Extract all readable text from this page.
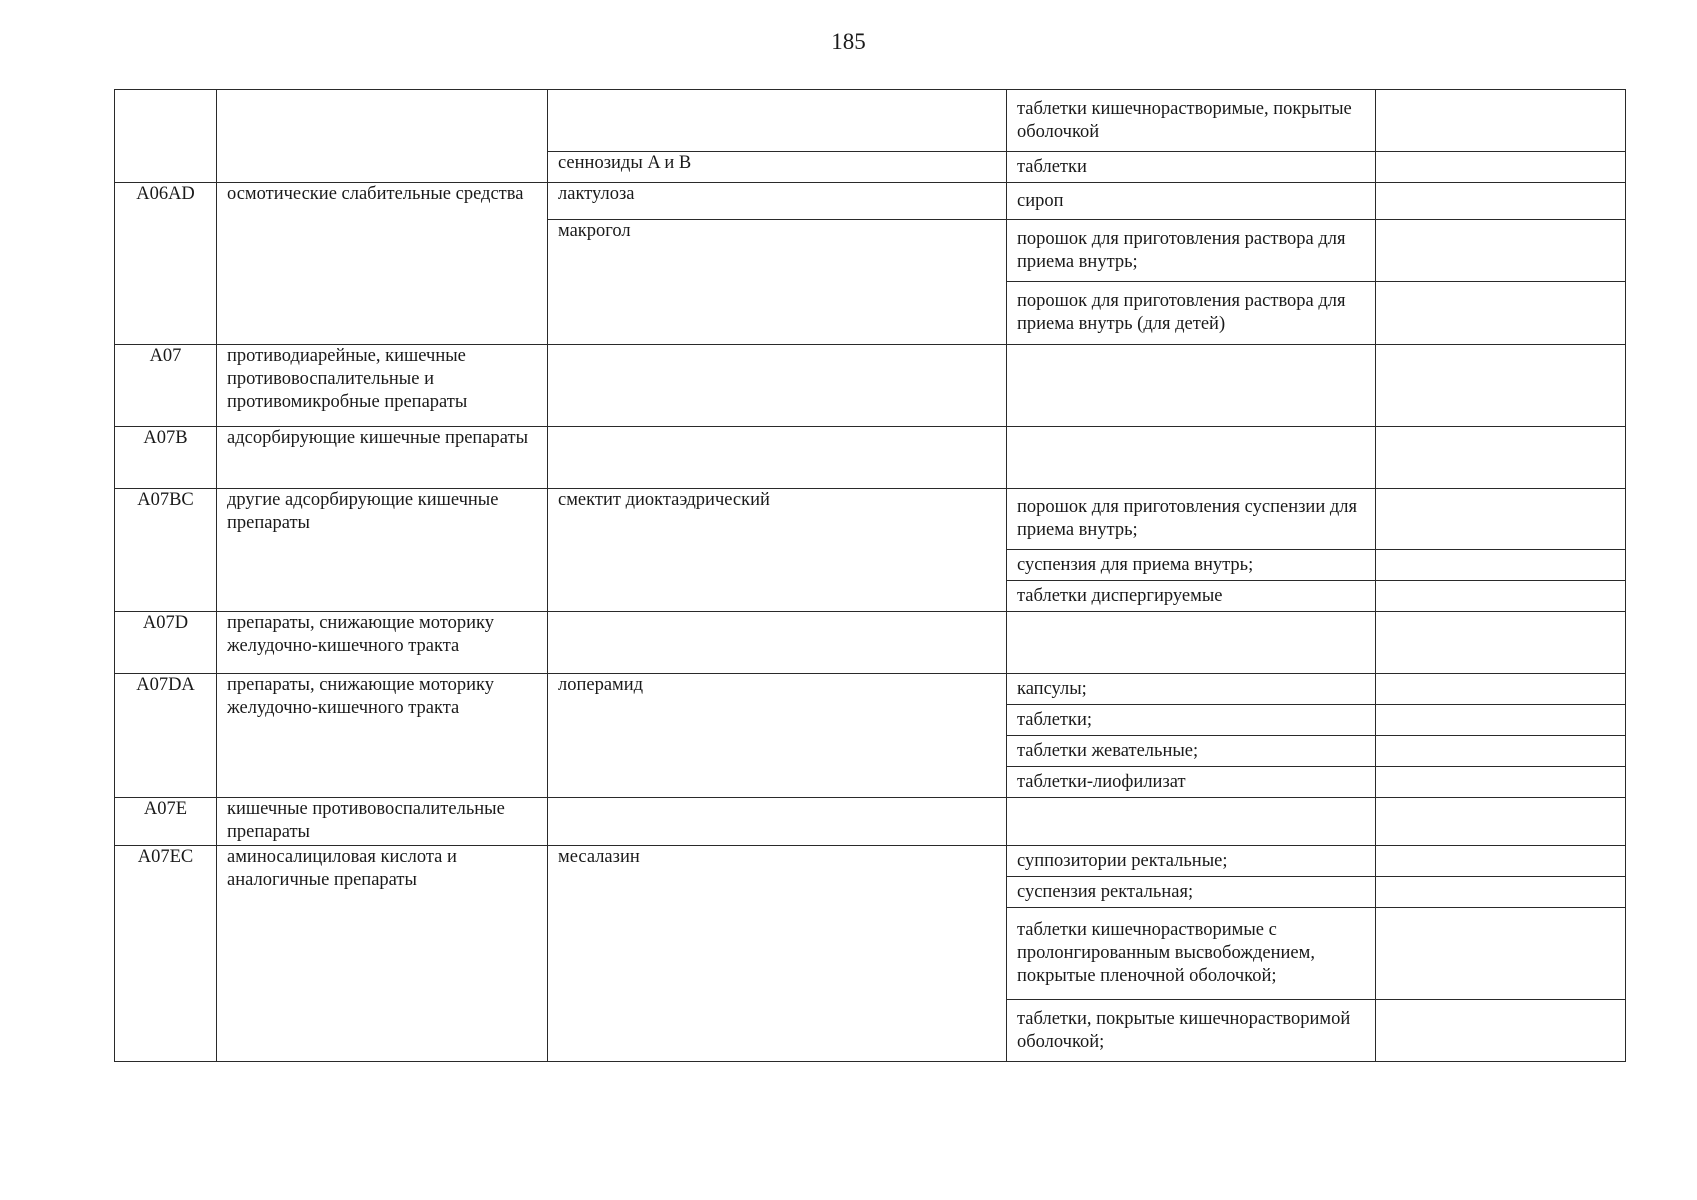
185

			таблетки кишечнорастворимые, покрытые оболочкой	

		сеннозиды A и B	таблетки	

A06AD	осмотические слабительные средства	лактулоза	сироп	

		макрогол	порошок для приготовления раствора для приема внутрь;	

			порошок для приготовления раствора для приема внутрь (для детей)	

A07	противодиарейные, кишечные противовоспалительные и противомикробные препараты		

A07B	адсорбирующие кишечные препараты		

A07BC	другие адсорбирующие кишечные препараты	смектит диоктаэдрический	порошок для приготовления суспензии для приема внутрь;	

			суспензия для приема внутрь;	

			таблетки диспергируемые	

A07D	препараты, снижающие моторику желудочно-кишечного тракта		

A07DA	препараты, снижающие моторику желудочно-кишечного тракта	лоперамид	капсулы;	

			таблетки;	

			таблетки жевательные;	

			таблетки-лиофилизат	

A07E	кишечные противовоспалительные препараты		

A07EC	аминосалициловая кислота и аналогичные препараты	месалазин	суппозитории ректальные;	

			суспензия ректальная;	

			таблетки кишечнорастворимые с пролонгированным высвобождением, покрытые пленочной оболочкой;	

			таблетки, покрытые кишечнорастворимой оболочкой;	
